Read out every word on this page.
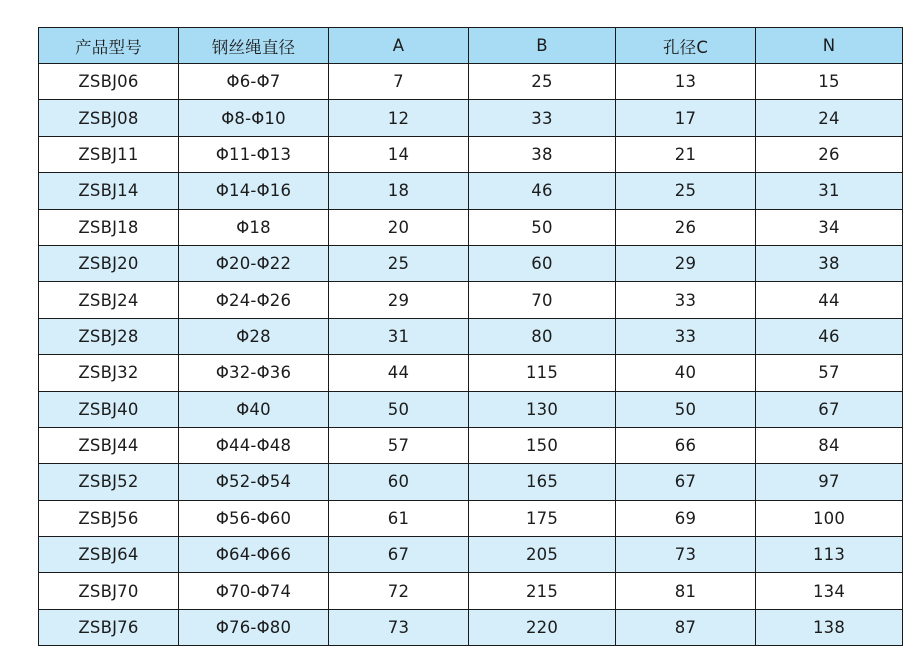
产品型号	钢丝绳直径	A	B	孔径C	N
ZSBJ06	Φ6-Φ7	7	25	13	15
ZSBJ08	Φ8-Φ10	12	33	17	24
ZSBJ11	Φ11-Φ13	14	38	21	26
ZSBJ14	Φ14-Φ16	18	46	25	31
ZSBJ18	Φ18	20	50	26	34
ZSBJ20	Φ20-Φ22	25	60	29	38
ZSBJ24	Φ24-Φ26	29	70	33	44
ZSBJ28	Φ28	31	80	33	46
ZSBJ32	Φ32-Φ36	44	115	40	57
ZSBJ40	Φ40	50	130	50	67
ZSBJ44	Φ44-Φ48	57	150	66	84
ZSBJ52	Φ52-Φ54	60	165	67	97
ZSBJ56	Φ56-Φ60	61	175	69	100
ZSBJ64	Φ64-Φ66	67	205	73	113
ZSBJ70	Φ70-Φ74	72	215	81	134
ZSBJ76	Φ76-Φ80	73	220	87	138
